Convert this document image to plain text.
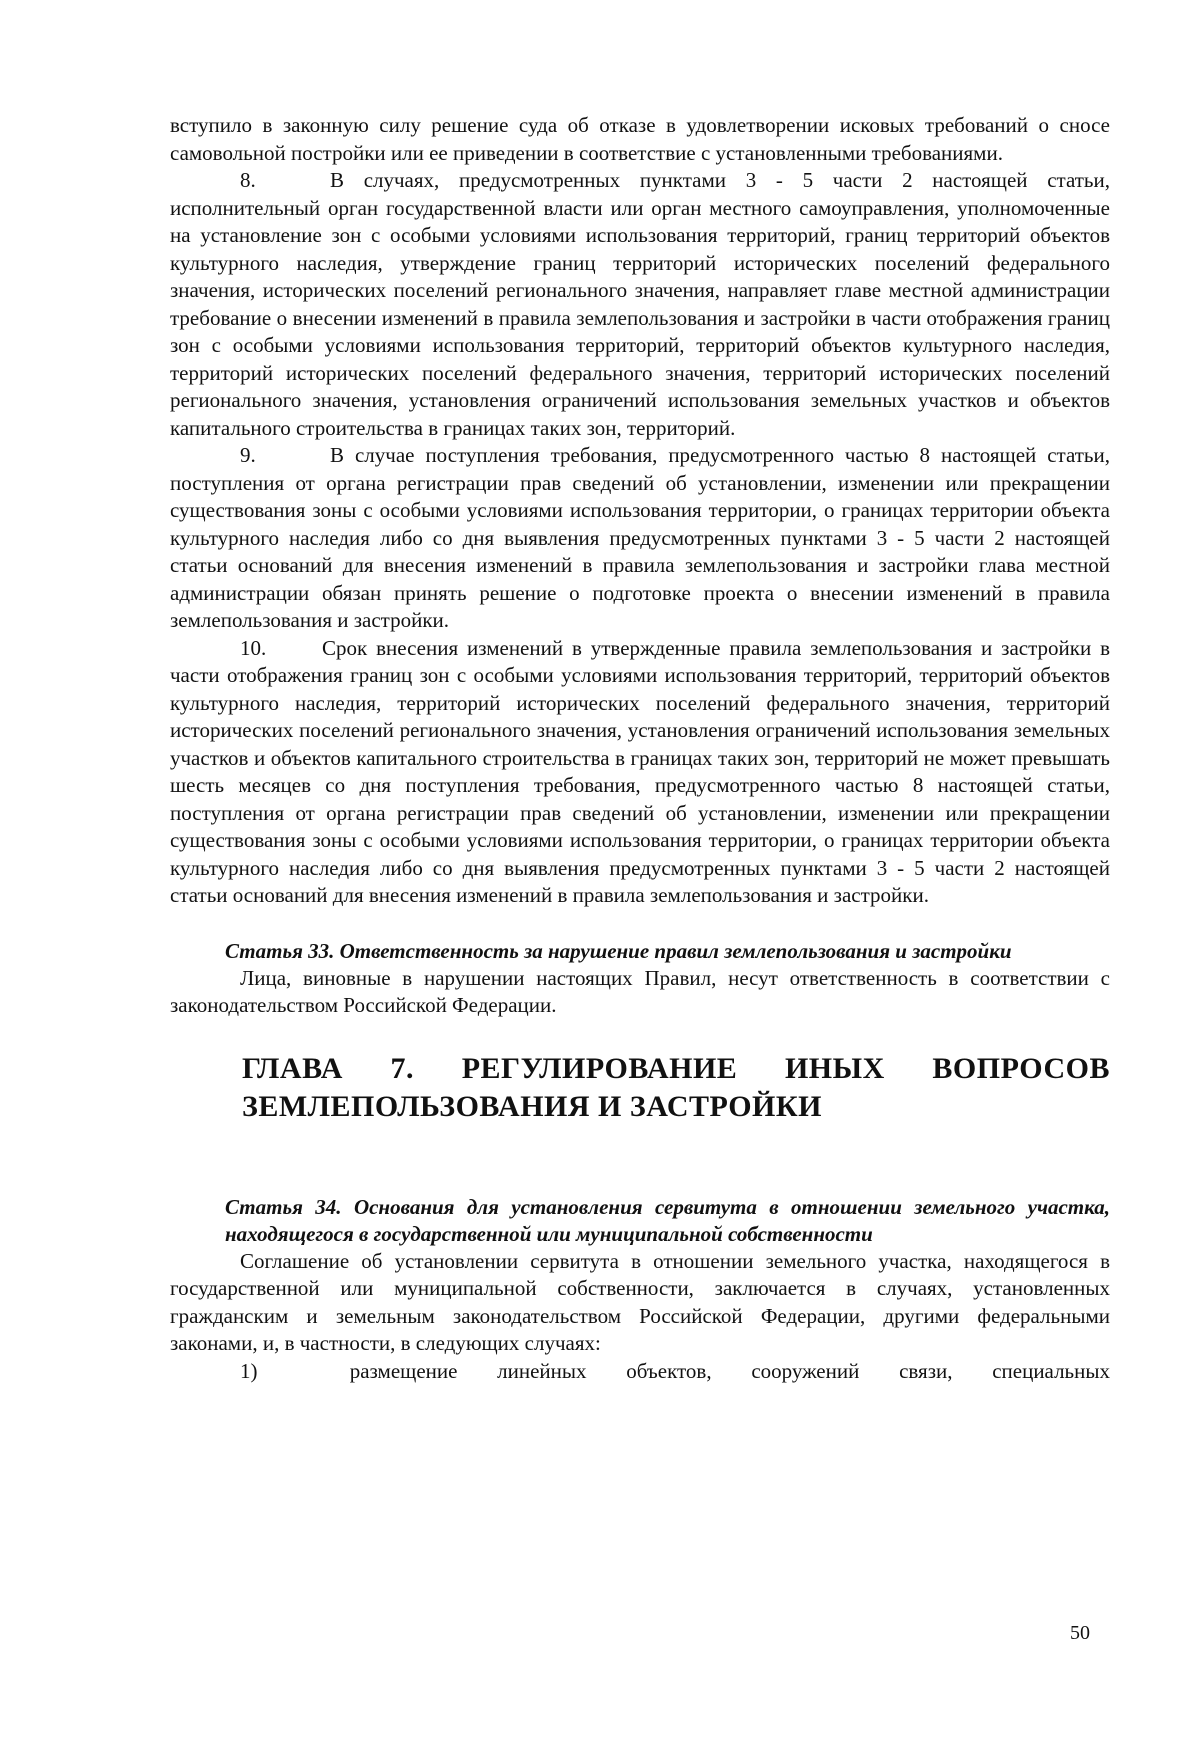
вступило в законную силу решение суда об отказе в удовлетворении исковых требований о сносе самовольной постройки или ее приведении в соответствие с установленными требованиями.

8.	В случаях, предусмотренных пунктами 3 - 5 части 2 настоящей статьи, исполнительный орган государственной власти или орган местного самоуправления, уполномоченные на установление зон с особыми условиями использования территорий, границ территорий объектов культурного наследия, утверждение границ территорий исторических поселений федерального значения, исторических поселений регионального значения, направляет главе местной администрации требование о внесении изменений в правила землепользования и застройки в части отображения границ зон с особыми условиями использования территорий, территорий объектов культурного наследия, территорий исторических поселений федерального значения, территорий исторических поселений регионального значения, установления ограничений использования земельных участков и объектов капитального строительства в границах таких зон, территорий.

9.	В случае поступления требования, предусмотренного частью 8 настоящей статьи, поступления от органа регистрации прав сведений об установлении, изменении или прекращении существования зоны с особыми условиями использования территории, о границах территории объекта культурного наследия либо со дня выявления предусмотренных пунктами 3 - 5 части 2 настоящей статьи оснований для внесения изменений в правила землепользования и застройки глава местной администрации обязан принять решение о подготовке проекта о внесении изменений в правила землепользования и застройки.

10.	Срок внесения изменений в утвержденные правила землепользования и застройки в части отображения границ зон с особыми условиями использования территорий, территорий объектов культурного наследия, территорий исторических поселений федерального значения, территорий исторических поселений регионального значения, установления ограничений использования земельных участков и объектов капитального строительства в границах таких зон, территорий не может превышать шесть месяцев со дня поступления требования, предусмотренного частью 8 настоящей статьи, поступления от органа регистрации прав сведений об установлении, изменении или прекращении существования зоны с особыми условиями использования территории, о границах территории объекта культурного наследия либо со дня выявления предусмотренных пунктами 3 - 5 части 2 настоящей статьи оснований для внесения изменений в правила землепользования и застройки.

Статья 33. Ответственность за нарушение правил землепользования и застройки

Лица, виновные в нарушении настоящих Правил, несут ответственность в соответствии с законодательством Российской Федерации.

ГЛАВА 7. РЕГУЛИРОВАНИЕ ИНЫХ ВОПРОСОВ
ЗЕМЛЕПОЛЬЗОВАНИЯ И ЗАСТРОЙКИ

Статья 34. Основания для установления сервитута в отношении земельного участка, находящегося в государственной или муниципальной собственности

Соглашение об установлении сервитута в отношении земельного участка, находящегося в государственной или муниципальной собственности, заключается в случаях, установленных гражданским и земельным законодательством Российской Федерации, другими федеральными законами, и, в частности, в следующих случаях:

1)	размещение линейных объектов, сооружений связи, специальных
50
